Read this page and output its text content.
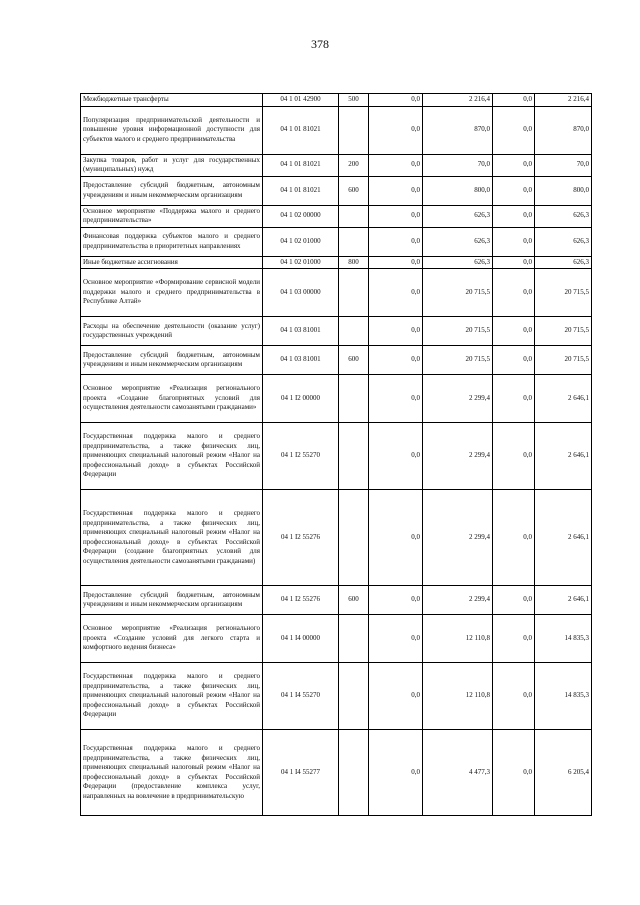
378
Межбюджетные трансферты	04 1 01 42900	500	0,0	2 216,4	0,0	2 216,4
Популяризация предпринимательской деятельности и повышение уровня информационной доступности для субъектов малого и среднего предпринимательства	04 1 01 81021		0,0	870,0	0,0	870,0
Закупка товаров, работ и услуг для государственных (муниципальных) нужд	04 1 01 81021	200	0,0	70,0	0,0	70,0
Предоставление субсидий бюджетным, автономным учреждениям и иным некоммерческим организациям	04 1 01 81021	600	0,0	800,0	0,0	800,0
Основное мероприятие «Поддержка малого и среднего предпринимательства»	04 1 02 00000		0,0	626,3	0,0	626,3
Финансовая поддержка субъектов малого и среднего предпринимательства в приоритетных направлениях	04 1 02 01000		0,0	626,3	0,0	626,3
Иные бюджетные ассигнования	04 1 02 01000	800	0,0	626,3	0,0	626,3
Основное мероприятие «Формирование сервисной модели поддержки малого и среднего предпринимательства в Республике Алтай»	04 1 03 00000		0,0	20 715,5	0,0	20 715,5
Расходы на обеспечение деятельности (оказание услуг) государственных учреждений	04 1 03 81001		0,0	20 715,5	0,0	20 715,5
Предоставление субсидий бюджетным, автономным учреждениям и иным некоммерческим организациям	04 1 03 81001	600	0,0	20 715,5	0,0	20 715,5
Основное мероприятие «Реализация регионального проекта «Создание благоприятных условий для осуществления деятельности самозанятыми гражданами»	04 1 I2 00000		0,0	2 299,4	0,0	2 646,1
Государственная поддержка малого и среднего предпринимательства, а также физических лиц, применяющих специальный налоговый режим «Налог на профессиональный доход» в субъектах Российской Федерации	04 1 I2 55270		0,0	2 299,4	0,0	2 646,1
Государственная поддержка малого и среднего предпринимательства, а также физических лиц, применяющих специальный налоговый режим «Налог на профессиональный доход» в субъектах Российской Федерации (создание благоприятных условий для осуществления деятельности самозанятыми гражданами)	04 1 I2 55276		0,0	2 299,4	0,0	2 646,1
Предоставление субсидий бюджетным, автономным учреждениям и иным некоммерческим организациям	04 1 I2 55276	600	0,0	2 299,4	0,0	2 646,1
Основное мероприятие «Реализация регионального проекта «Создание условий для легкого старта и комфортного ведения бизнеса»	04 1 I4 00000		0,0	12 110,8	0,0	14 835,3
Государственная поддержка малого и среднего предпринимательства, а также физических лиц, применяющих специальный налоговый режим «Налог на профессиональный доход» в субъектах Российской Федерации	04 1 I4 55270		0,0	12 110,8	0,0	14 835,3
Государственная поддержка малого и среднего предпринимательства, а также физических лиц, применяющих специальный налоговый режим «Налог на профессиональный доход» в субъектах Российской Федерации (предоставление комплекса услуг, направленных на вовлечение в предпринимательскую	04 1 I4 55277		0,0	4 477,3	0,0	6 205,4
